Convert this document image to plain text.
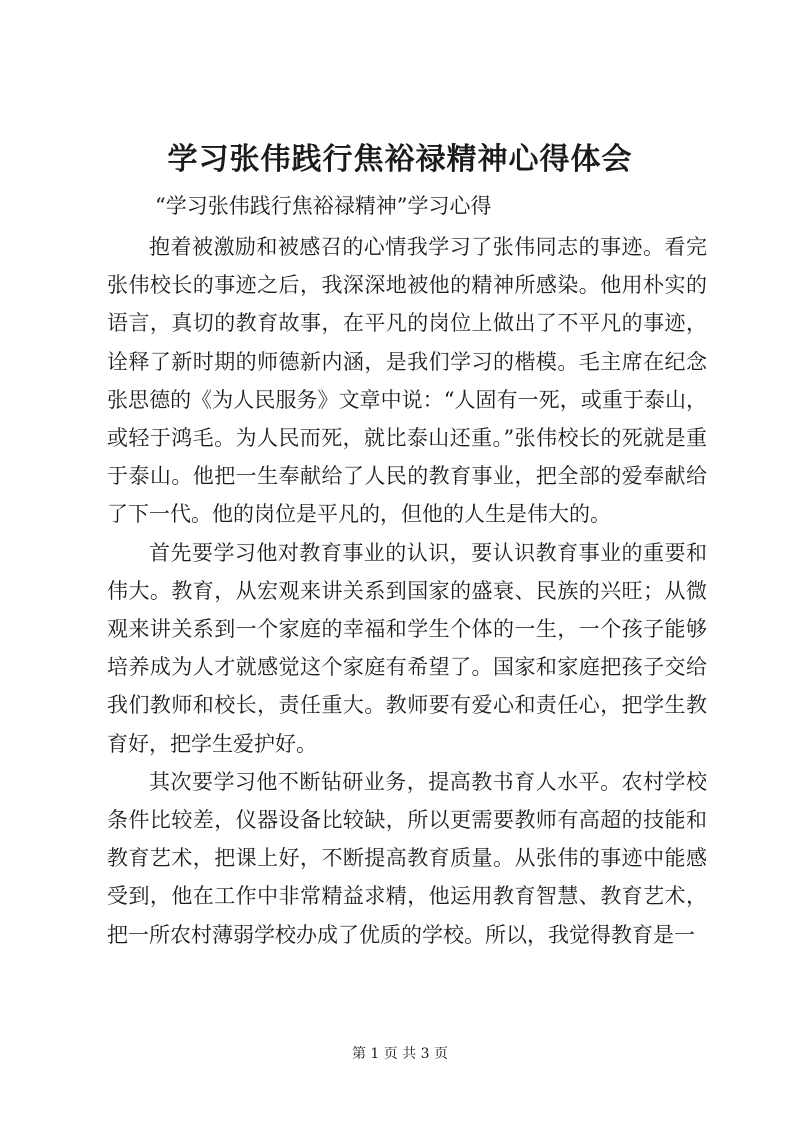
学习张伟践行焦裕禄精神心得体会

“学习张伟践行焦裕禄精神”学习心得

抱着被激励和被感召的心情我学习了张伟同志的事迹。看完张伟校长的事迹之后，我深深地被他的精神所感染。他用朴实的语言，真切的教育故事，在平凡的岗位上做出了不平凡的事迹，诠释了新时期的师德新内涵，是我们学习的楷模。毛主席在纪念张思德的《为人民服务》文章中说：“人固有一死，或重于泰山，或轻于鸿毛。为人民而死，就比泰山还重。”张伟校长的死就是重于泰山。他把一生奉献给了人民的教育事业，把全部的爱奉献给了下一代。他的岗位是平凡的，但他的人生是伟大的。

首先要学习他对教育事业的认识，要认识教育事业的重要和伟大。教育，从宏观来讲关系到国家的盛衰、民族的兴旺；从微观来讲关系到一个家庭的幸福和学生个体的一生，一个孩子能够培养成为人才就感觉这个家庭有希望了。国家和家庭把孩子交给我们教师和校长，责任重大。教师要有爱心和责任心，把学生教育好，把学生爱护好。

其次要学习他不断钻研业务，提高教书育人水平。农村学校条件比较差，仪器设备比较缺，所以更需要教师有高超的技能和教育艺术，把课上好，不断提高教育质量。从张伟的事迹中能感受到，他在工作中非常精益求精，他运用教育智慧、教育艺术，把一所农村薄弱学校办成了优质的学校。所以，我觉得教育是一

第 1 页 共 3 页
